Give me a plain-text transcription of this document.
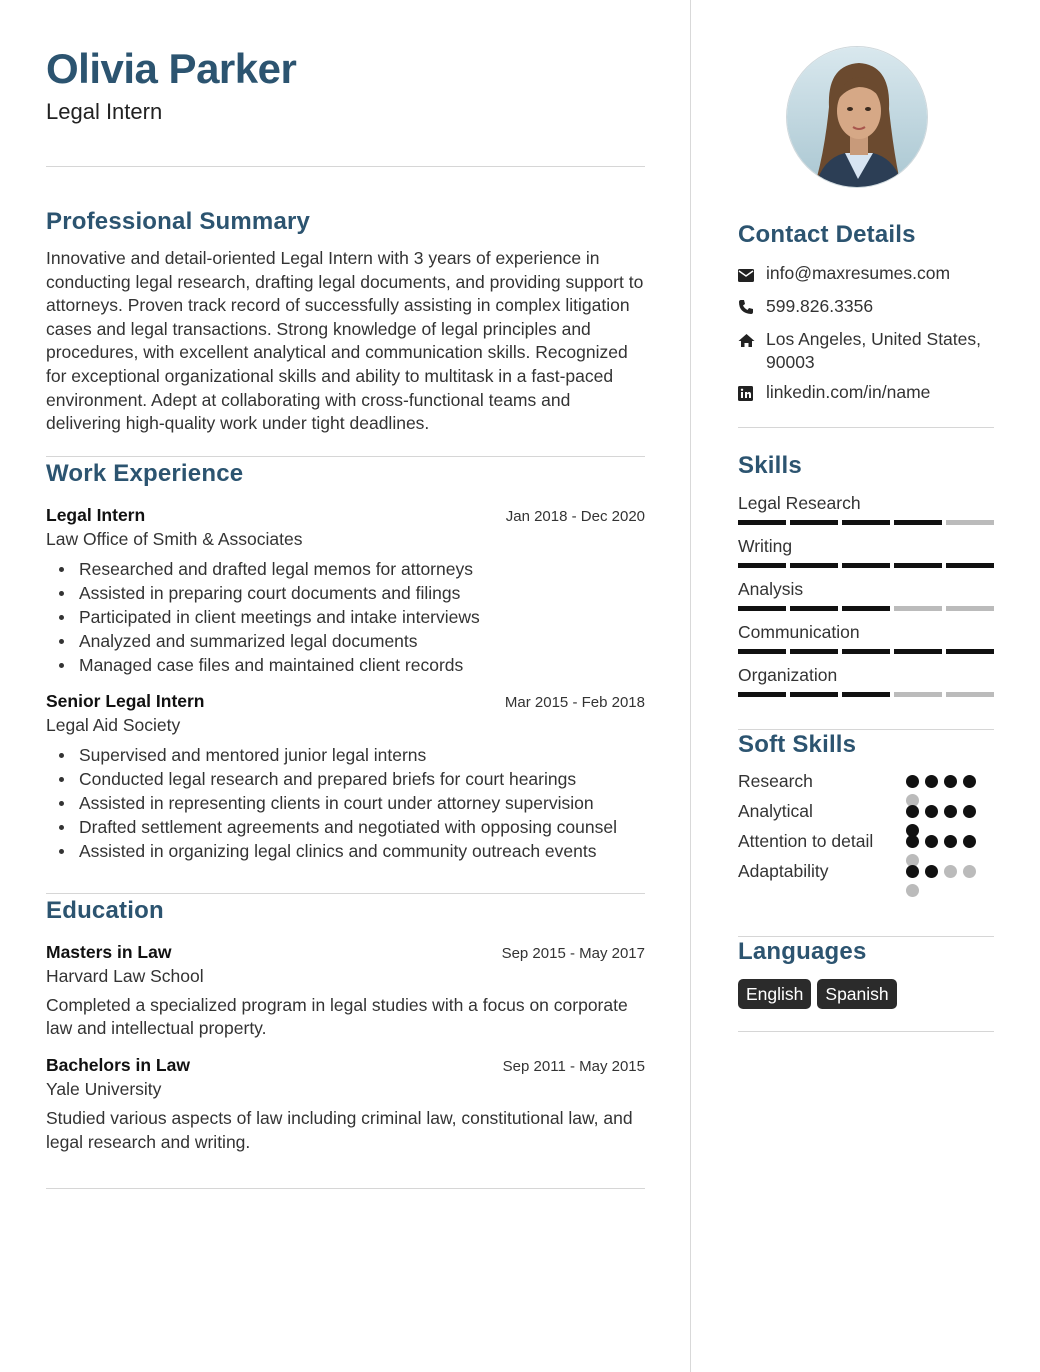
Olivia Parker
Legal Intern
Professional Summary
Innovative and detail-oriented Legal Intern with 3 years of experience in conducting legal research, drafting legal documents, and providing support to attorneys. Proven track record of successfully assisting in complex litigation cases and legal transactions. Strong knowledge of legal principles and procedures, with excellent analytical and communication skills. Recognized for exceptional organizational skills and ability to multitask in a fast-paced environment. Adept at collaborating with cross-functional teams and delivering high-quality work under tight deadlines.
Work Experience
Legal Intern	Jan 2018 - Dec 2020
Law Office of Smith & Associates
Researched and drafted legal memos for attorneys
Assisted in preparing court documents and filings
Participated in client meetings and intake interviews
Analyzed and summarized legal documents
Managed case files and maintained client records
Senior Legal Intern	Mar 2015 - Feb 2018
Legal Aid Society
Supervised and mentored junior legal interns
Conducted legal research and prepared briefs for court hearings
Assisted in representing clients in court under attorney supervision
Drafted settlement agreements and negotiated with opposing counsel
Assisted in organizing legal clinics and community outreach events
Education
Masters in Law	Sep 2015 - May 2017
Harvard Law School
Completed a specialized program in legal studies with a focus on corporate law and intellectual property.
Bachelors in Law	Sep 2011 - May 2015
Yale University
Studied various aspects of law including criminal law, constitutional law, and legal research and writing.
Contact Details
info@maxresumes.com
599.826.3356
Los Angeles, United States, 90003
linkedin.com/in/name
Skills
Legal Research
Writing
Analysis
Communication
Organization
Soft Skills
Research
Analytical
Attention to detail
Adaptability
Languages
English	Spanish
